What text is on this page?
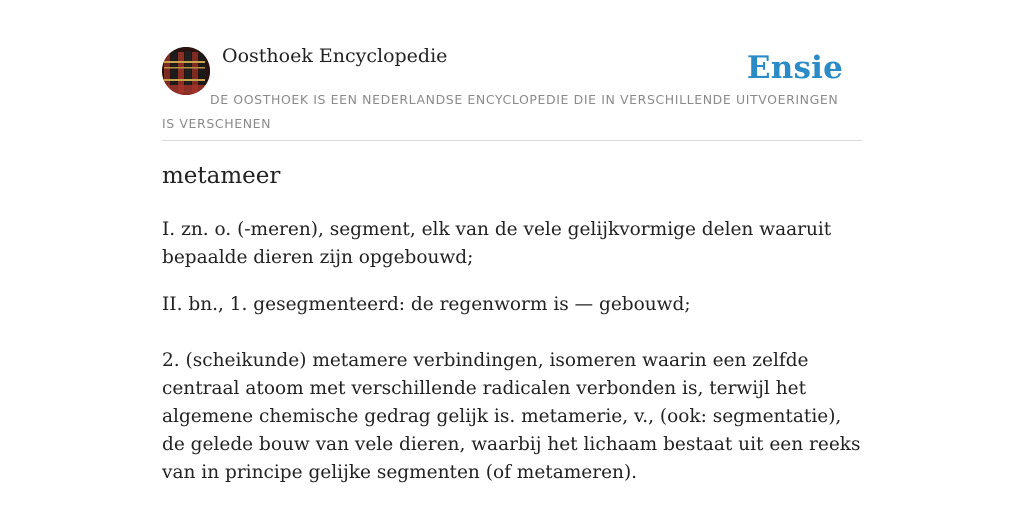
Oosthoek Encyclopedie	Ensie
DE OOSTHOEK IS EEN NEDERLANDSE ENCYCLOPEDIE DIE IN VERSCHILLENDE UITVOERINGEN IS VERSCHENEN
metameer

I. zn. o. (-meren), segment, elk van de vele gelijkvormige delen waaruit bepaalde dieren zijn opgebouwd;

II. bn., 1. gesegmenteerd: de regenworm is — gebouwd;

2. (scheikunde) metamere verbindingen, isomeren waarin een zelfde centraal atoom met verschillende radicalen verbonden is, terwijl het algemene chemische gedrag gelijk is. metamerie, v., (ook: segmentatie), de gelede bouw van vele dieren, waarbij het lichaam bestaat uit een reeks van in principe gelijke segmenten (of metameren).
